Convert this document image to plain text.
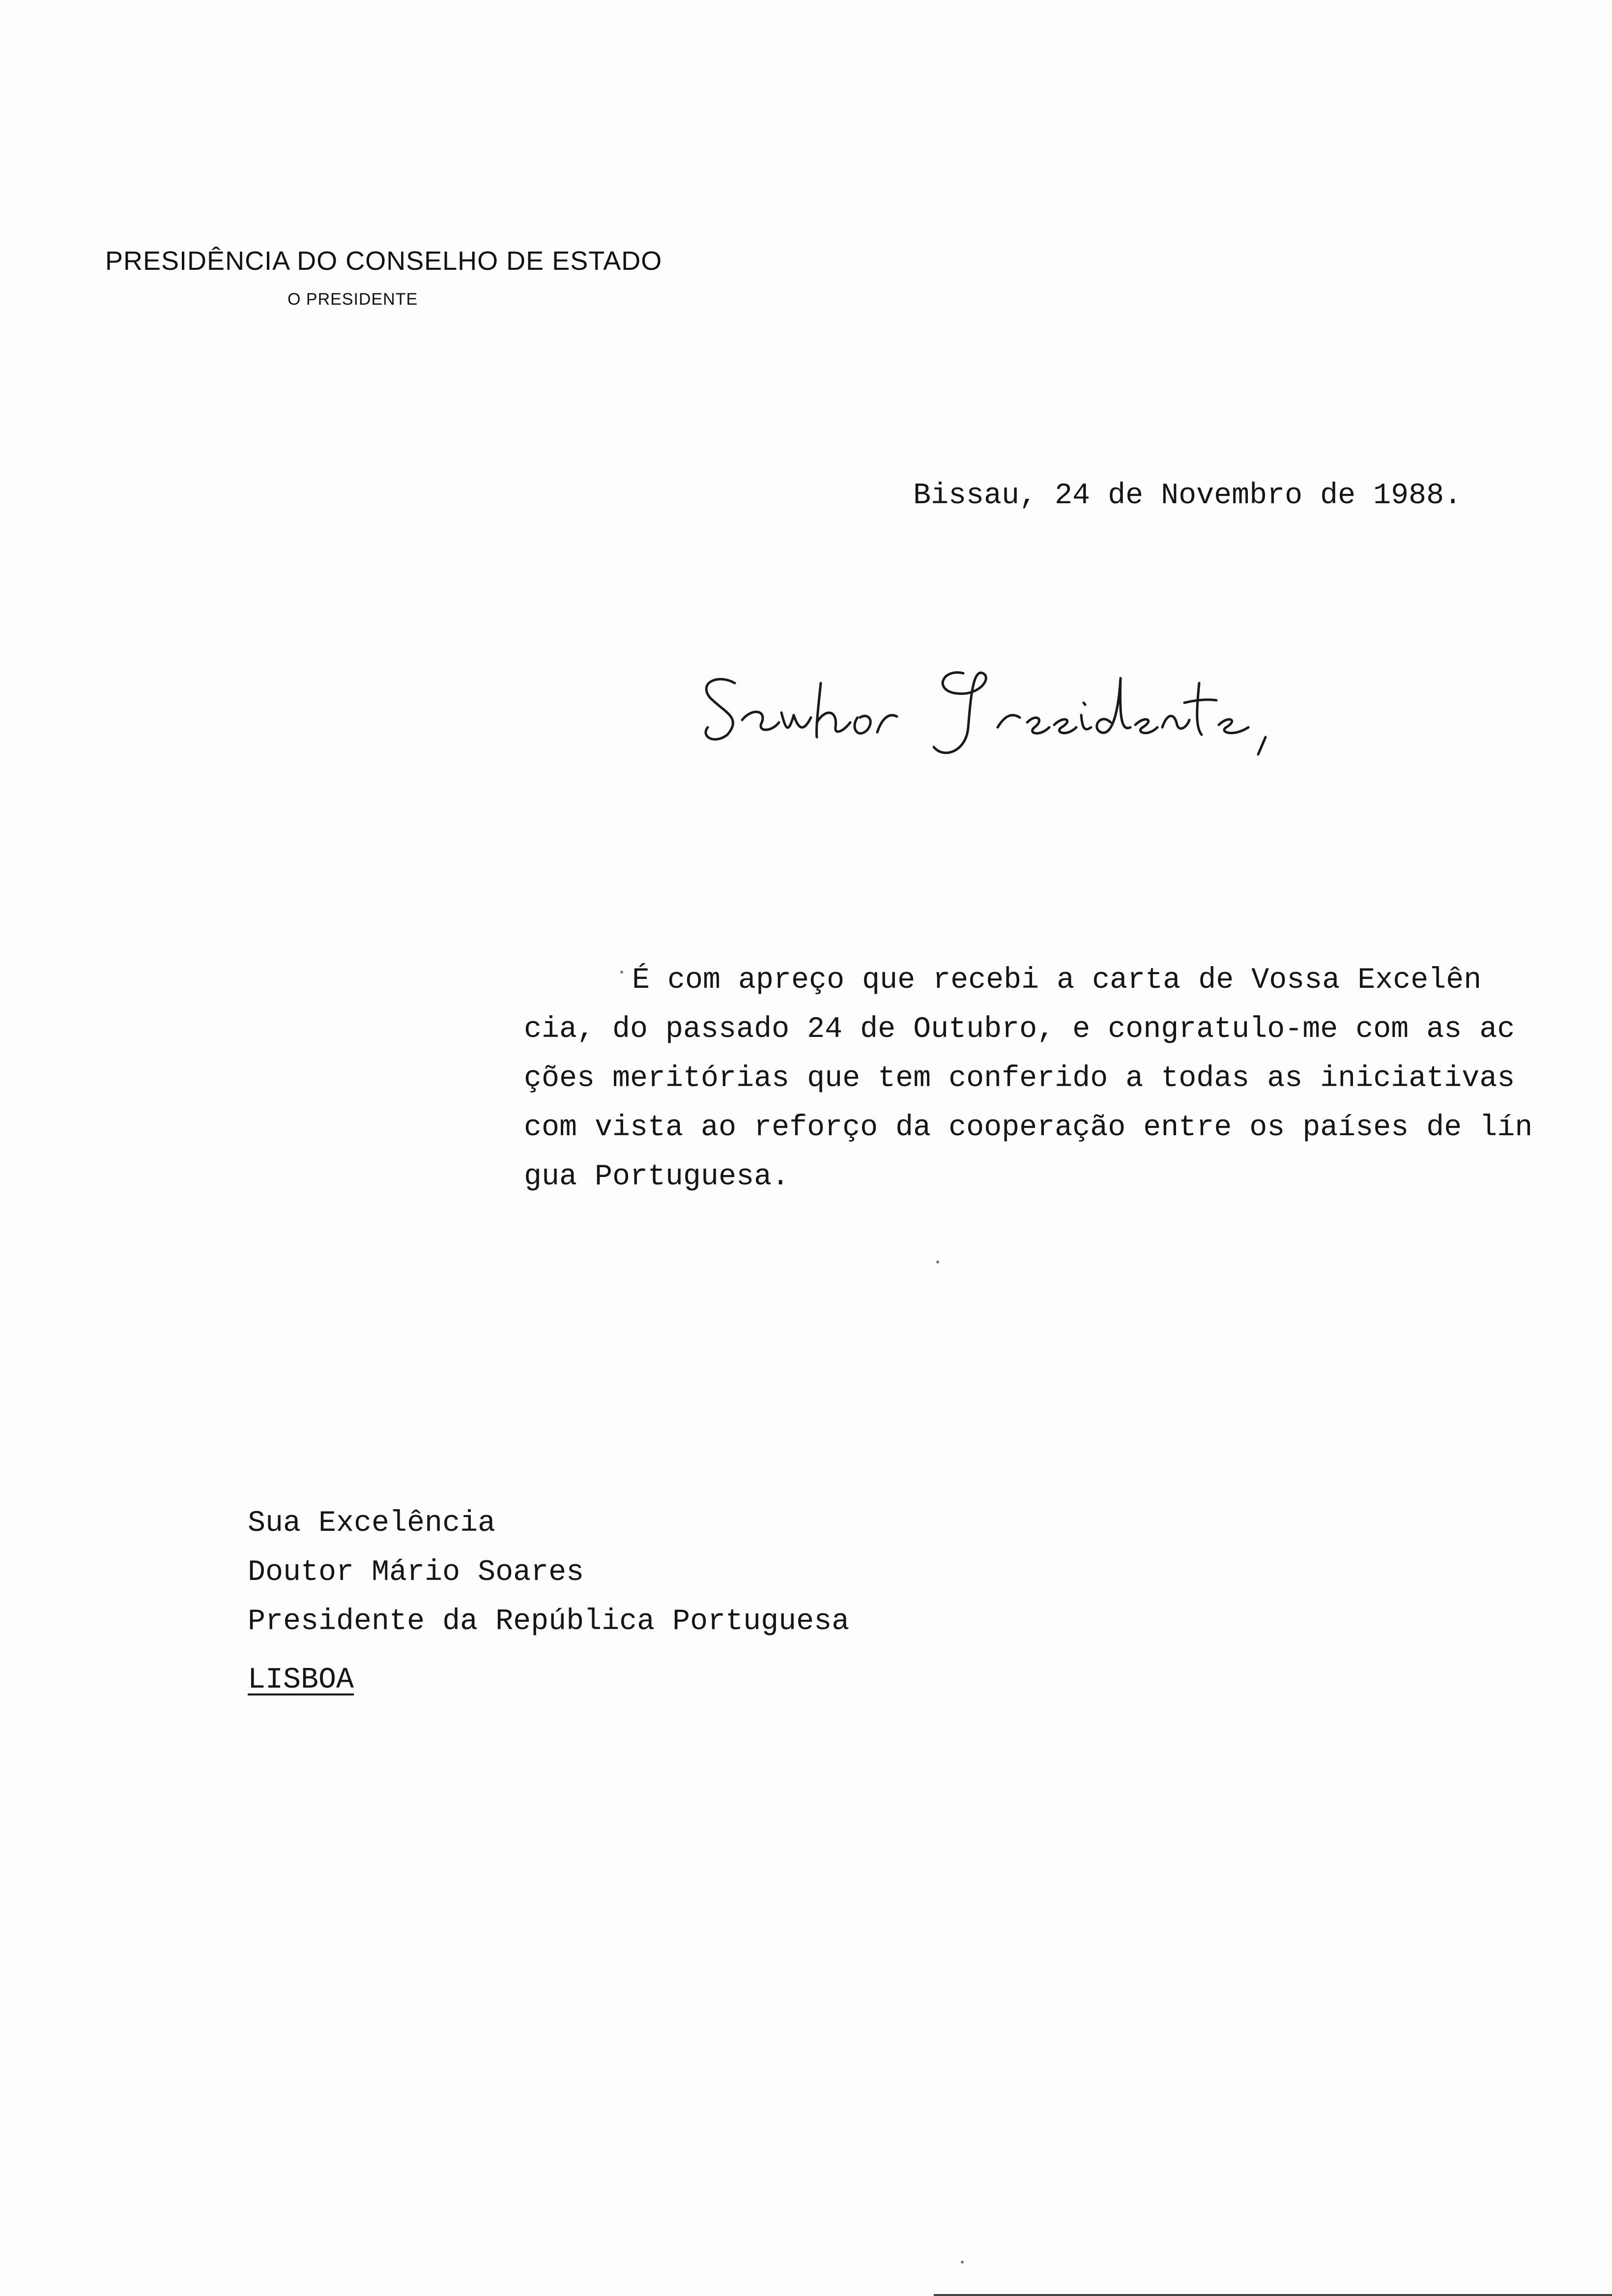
PRESIDÊNCIA DO CONSELHO DE ESTADO
O PRESIDENTE
Bissau, 24 de Novembro de 1988.
É com apreço que recebi a carta de Vossa Excelên
cia, do passado 24 de Outubro, e congratulo-me com as ac
ções meritórias que tem conferido a todas as iniciativas
com vista ao reforço da cooperação entre os países de lín
gua Portuguesa.
Sua Excelência
Doutor Mário Soares
Presidente da República Portuguesa
LISBOA
